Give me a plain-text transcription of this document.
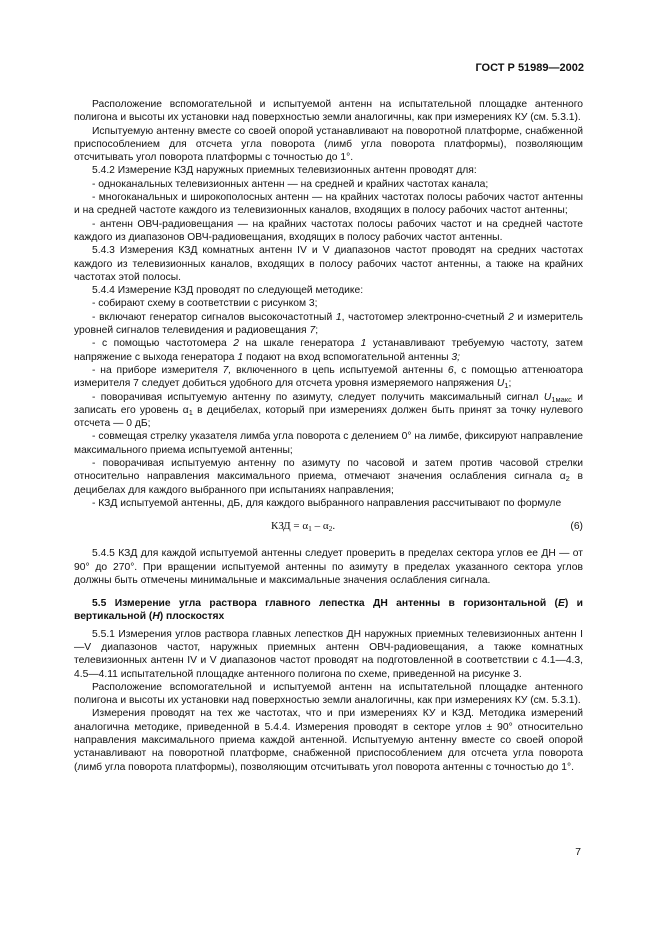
ГОСТ Р 51989—2002
Расположение вспомогательной и испытуемой антенн на испытательной площадке антенного полигона и высоты их установки над поверхностью земли аналогичны, как при измерениях КУ (см. 5.3.1).
Испытуемую антенну вместе со своей опорой устанавливают на поворотной платформе, снабженной приспособлением для отсчета угла поворота (лимб угла поворота платформы), позволяющим отсчитывать угол поворота платформы с точностью до 1°.
5.4.2 Измерение КЗД наружных приемных телевизионных антенн проводят для:
- одноканальных телевизионных антенн — на средней и крайних частотах канала;
- многоканальных и широкополосных антенн — на крайних частотах полосы рабочих частот антенны и на средней частоте каждого из телевизионных каналов, входящих в полосу рабочих частот антенны;
- антенн ОВЧ-радиовещания — на крайних частотах полосы рабочих частот и на средней частоте каждого из диапазонов ОВЧ-радиовещания, входящих в полосу рабочих частот антенны.
5.4.3 Измерения КЗД комнатных антенн IV и V диапазонов частот проводят на средних частотах каждого из телевизионных каналов, входящих в полосу рабочих частот антенны, а также на крайних частотах этой полосы.
5.4.4 Измерение КЗД проводят по следующей методике:
- собирают схему в соответствии с рисунком 3;
- включают генератор сигналов высокочастотный 1, частотомер электронно-счетный 2 и измеритель уровней сигналов телевидения и радиовещания 7;
- с помощью частотомера 2 на шкале генератора 1 устанавливают требуемую частоту, затем напряжение с выхода генератора 1 подают на вход вспомогательной антенны 3;
- на приборе измерителя 7, включенного в цепь испытуемой антенны 6, с помощью аттенюатора измерителя 7 следует добиться удобного для отсчета уровня измеряемого напряжения $U_1$;
- поворачивая испытуемую антенну по азимуту, следует получить максимальный сигнал $U_{1макс}$ и записать его уровень $\alpha_1$ в децибелах, который при измерениях должен быть принят за точку нулевого отсчета — 0 дБ;
- совмещая стрелку указателя лимба угла поворота с делением 0° на лимбе, фиксируют направление максимального приема испытуемой антенны;
- поворачивая испытуемую антенну по азимуту по часовой и затем против часовой стрелки относительно направления максимального приема, отмечают значения ослабления сигнала $\alpha_2$ в децибелах для каждого выбранного при испытаниях направления;
- КЗД испытуемой антенны, дБ, для каждого выбранного направления рассчитывают по формуле
КЗД = $\alpha_1 - \alpha_2$.	(6)
5.4.5 КЗД для каждой испытуемой антенны следует проверить в пределах сектора углов ее ДН — от 90° до 270°. При вращении испытуемой антенны по азимуту в пределах указанного сектора углов должны быть отмечены минимальные и максимальные значения ослабления сигнала.
5.5 Измерение угла раствора главного лепестка ДН антенны в горизонтальной (E) и вертикальной (H) плоскостях
5.5.1 Измерения углов раствора главных лепестков ДН наружных приемных телевизионных антенн I—V диапазонов частот, наружных приемных антенн ОВЧ-радиовещания, а также комнатных телевизионных антенн IV и V диапазонов частот проводят на подготовленной в соответствии с 4.1—4.3, 4.5—4.11 испытательной площадке антенного полигона по схеме, приведенной на рисунке 3.
Расположение вспомогательной и испытуемой антенн на испытательной площадке антенного полигона и высоты их установки над поверхностью земли аналогичны, как при измерениях КУ (см. 5.3.1).
Измерения проводят на тех же частотах, что и при измерениях КУ и КЗД. Методика измерений аналогична методике, приведенной в 5.4.4. Измерения проводят в секторе углов ± 90° относительно направления максимального приема каждой антенной. Испытуемую антенну вместе со своей опорой устанавливают на поворотной платформе, снабженной приспособлением для отсчета угла поворота (лимб угла поворота платформы), позволяющим отсчитывать угол поворота антенны с точностью до 1°.
7
